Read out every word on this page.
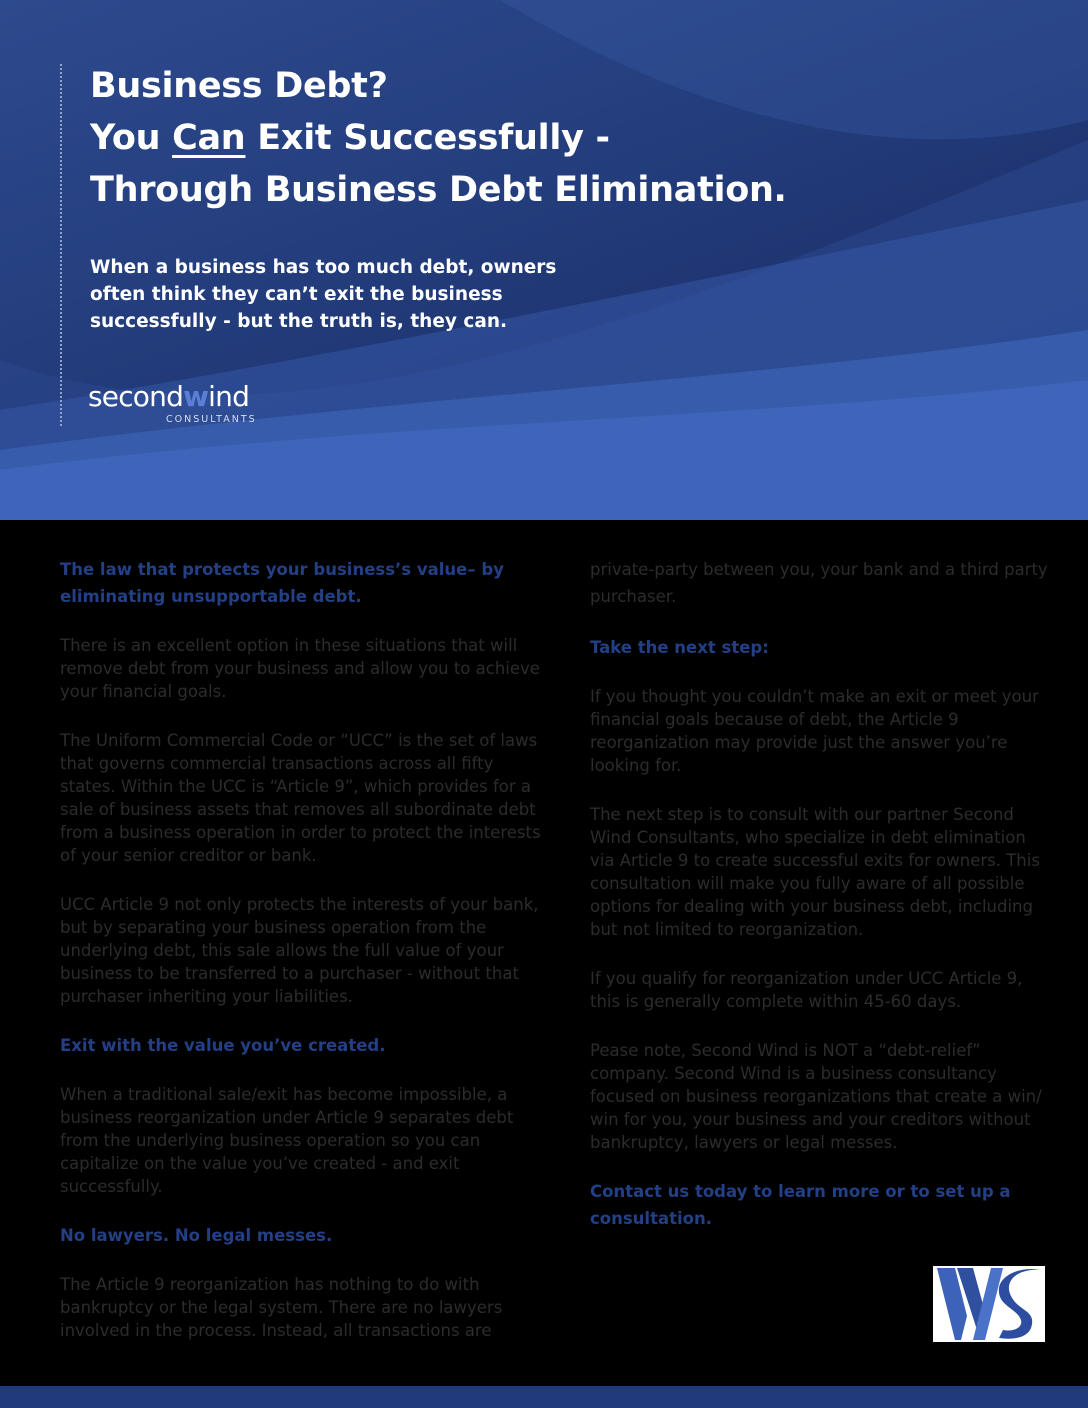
Business Debt?
You Can Exit Successfully -
Through Business Debt Elimination.
When a business has too much debt, owners often think they can’t exit the business successfully - but the truth is, they can.
secondwind
CONSULTANTS
The law that protects your business’s value– by eliminating unsupportable debt.

There is an excellent option in these situations that will remove debt from your business and allow you to achieve your financial goals.

The Uniform Commercial Code or “UCC” is the set of laws that governs commercial transactions across all fifty states. Within the UCC is “Article 9”, which provides for a sale of business assets that removes all subordinate debt from a business operation in order to protect the interests of your senior creditor or bank.

UCC Article 9 not only protects the interests of your bank, but by separating your business operation from the underlying debt, this sale allows the full value of your business to be transferred to a purchaser - without that purchaser inheriting your liabilities.

Exit with the value you’ve created.

When a traditional sale/exit has become impossible, a business reorganization under Article 9 separates debt from the underlying business operation so you can capitalize on the value you’ve created - and exit successfully.

No lawyers. No legal messes.

The Article 9 reorganization has nothing to do with bankruptcy or the legal system. There are no lawyers involved in the process. Instead, all transactions are

private-party between you, your bank and a third party purchaser.

Take the next step:

If you thought you couldn’t make an exit or meet your financial goals because of debt, the Article 9 reorganization may provide just the answer you’re looking for.

The next step is to consult with our partner Second Wind Consultants, who specialize in debt elimination via Article 9 to create successful exits for owners. This consultation will make you fully aware of all possible options for dealing with your business debt, including but not limited to reorganization.

If you qualify for reorganization under UCC Article 9, this is generally complete within 45-60 days.

Pease note, Second Wind is NOT a “debt-relief” company. Second Wind is a business consultancy focused on business reorganizations that create a win/ win for you, your business and your creditors without bankruptcy, lawyers or legal messes.

Contact us today to learn more or to set up a consultation.
